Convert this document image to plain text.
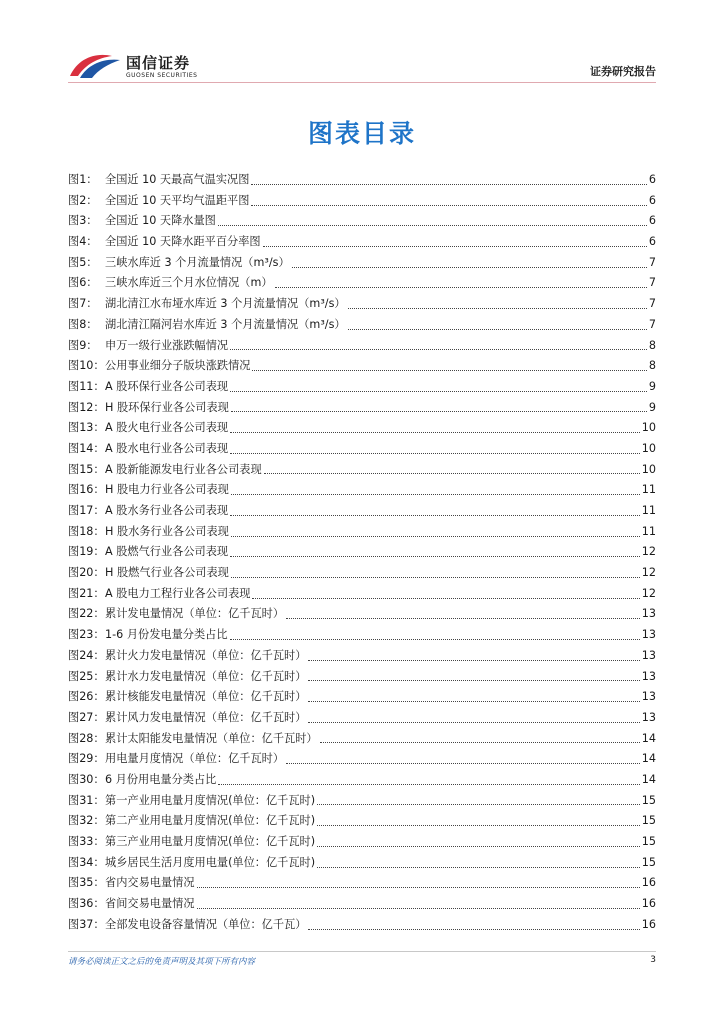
国信证券
GUOSEN SECURITIES	证券研究报告
图表目录
图1： 全国近 10 天最高气温实况图	6
图2： 全国近 10 天平均气温距平图	6
图3： 全国近 10 天降水量图	6
图4： 全国近 10 天降水距平百分率图	6
图5： 三峡水库近 3 个月流量情况（m³/s）	7
图6： 三峡水库近三个月水位情况（m）	7
图7： 湖北清江水布垭水库近 3 个月流量情况（m³/s）	7
图8： 湖北清江隔河岩水库近 3 个月流量情况（m³/s）	7
图9： 申万一级行业涨跌幅情况	8
图10：公用事业细分子版块涨跌情况	8
图11：A 股环保行业各公司表现	9
图12：H 股环保行业各公司表现	9
图13：A 股火电行业各公司表现	10
图14：A 股水电行业各公司表现	10
图15：A 股新能源发电行业各公司表现	10
图16：H 股电力行业各公司表现	11
图17：A 股水务行业各公司表现	11
图18：H 股水务行业各公司表现	11
图19：A 股燃气行业各公司表现	12
图20：H 股燃气行业各公司表现	12
图21：A 股电力工程行业各公司表现	12
图22：累计发电量情况（单位：亿千瓦时）	13
图23：1-6 月份发电量分类占比	13
图24：累计火力发电量情况（单位：亿千瓦时）	13
图25：累计水力发电量情况（单位：亿千瓦时）	13
图26：累计核能发电量情况（单位：亿千瓦时）	13
图27：累计风力发电量情况（单位：亿千瓦时）	13
图28：累计太阳能发电量情况（单位：亿千瓦时）	14
图29：用电量月度情况（单位：亿千瓦时）	14
图30：6 月份用电量分类占比	14
图31：第一产业用电量月度情况(单位：亿千瓦时)	15
图32：第二产业用电量月度情况(单位：亿千瓦时)	15
图33：第三产业用电量月度情况(单位：亿千瓦时)	15
图34：城乡居民生活月度用电量(单位：亿千瓦时)	15
图35：省内交易电量情况	16
图36：省间交易电量情况	16
图37：全部发电设备容量情况（单位：亿千瓦）	16
请务必阅读正文之后的免责声明及其项下所有内容	3
